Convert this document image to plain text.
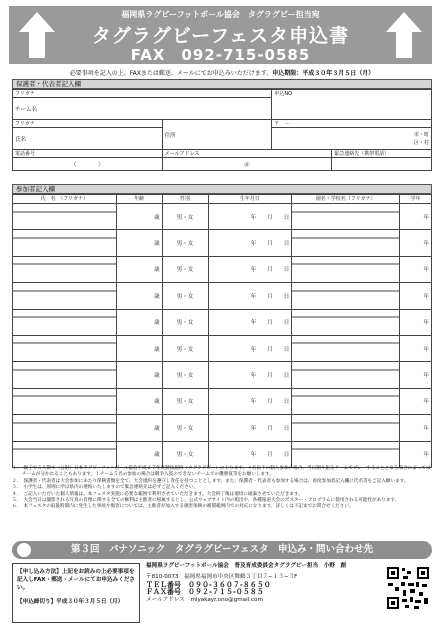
福岡県ラグビーフットボール協会　タグラグビー担当宛
タグラグビーフェスタ申込書
FAX　092-715-0585
必要事項を記入の上、FAXまたは郵送、メールにてお申込みいただけます。申込期限：平成３０年３月５日（月）
保護者・代表者記入欄
フリガナ		申込NO	
チーム名			
フリガナ	住所	〒　－	
氏名		市・町
区・村	
電話番号	メールアドレス		緊急連絡先（携帯電話）
（　　　　）	＠		
参加者記入欄
氏　名　（フリガナ）	年齢	性別	生年月日	園名・学校名（フリガナ）	学年
	歳	男・女	年　　月　　日		年
	歳	男・女	年　　月　　日		年
	歳	男・女	年　　月　　日		年
	歳	男・女	年　　月　　日		年
	歳	男・女	年　　月　　日		年
	歳	男・女	年　　月　　日		年
	歳	男・女	年　　月　　日		年
	歳	男・女	年　　月　　日		年
	歳	男・女	年　　月　　日		年
	歳	男・女	年　　月　　日		年
１．　親子で５人制で（公財）日本ラグビーフットボール協会平成２７年度競技規則（タグラグビー）に上ります。４名以下の個人参加の場合、当日割り振るチームでプレーすることとなる場合によってはチームが分かれることもあります。１チーム５名の参加の場合は競争入賞のできないチームでの優勝賞等をお願いします。
２．　保護者・代表者は大会参加にあたり保険書類を全て、大会規約を遵守し責任を持つこととします。また、保護者・代表者も参加する場合は、再度参加者記入欄に氏名等をご記入願います。
３．　小学生は、原則に学は県内の連絡いたしますので緊急連絡先は必ずご記入ください。
４．　ご記入いただいた個人情報は、本フェスタ実施に必要な範囲で利用させていただきます。大会終了後は適切に破棄させていただきます。
５．　大会当日は撮影される写真の肖像に関する全ての権利は主催者に帰属するとし、公式ウェブサイト内の掲出や、各種報道大会のポスター・プログラムに使用される可能性があります。
６．　本フェスタの取扱時間内に発生した事故や傷害については、主催者が加入する損害保険の補償範囲内での対応になります。詳しくは下記までお問合せください。
第３回　パナソニック　タグラグビーフェスタ　申込み・問い合わせ先
【申し込み方法】上記をお読みの上必要事項を記入しFAX・郵送・メールにてお申込みください。
【申込締切り】平成３０年３月５日（月）
福岡県ラグビーフットボール協会　普及育成委員会タグラグビー担当　小野　創
〒810-0073　福岡県福岡市中央区舞鶴３丁目７−１３−３F
ＴＥＬ番号　０９０-３６０７-８６５０
ＦＡＸ番号　０９２-７１５-０５８５
メールアドレス　miyakayr.ono@gmail.com
